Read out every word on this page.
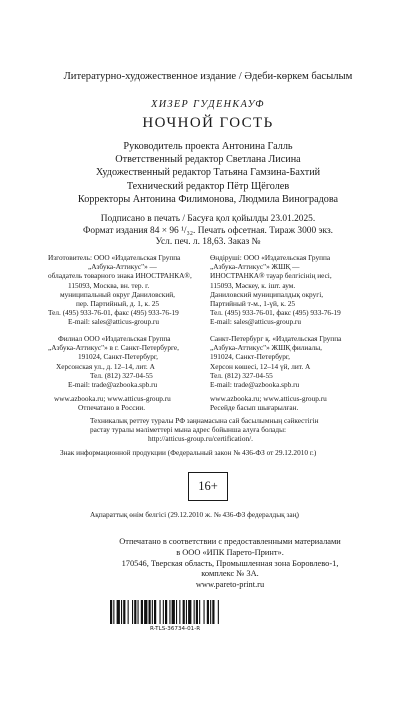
Литературно-художественное издание / Әдеби-көркем басылым
ХИЗЕР ГУДЕНКАУФ
НОЧНОЙ ГОСТЬ
Руководитель проекта Антонина Галль
Ответственный редактор Светлана Лисина
Художественный редактор Татьяна Гамзина-Бахтий
Технический редактор Пётр Щёголев
Корректоры Антонина Филимонова, Людмила Виноградова
Подписано в печать / Басуға қол қойылды 23.01.2025.
Формат издания 84 × 96 ¹/₃₂. Печать офсетная. Тираж 3000 экз.
Усл. печ. л. 18,63. Заказ №
Изготовитель: ООО «Издательская Группа
„Азбука-Аттикус"» —
обладатель товарного знака ИНОСТРАНКА®,
115093, Москва, вн. тер. г.
муниципальный округ Даниловский,
пер. Партийный, д. 1, к. 25
Тел. (495) 933-76-01, факс (495) 933-76-19
E-mail: sales@atticus-group.ru
Өндіруші: ООО «Издательская Группа
„Азбука-Аттикус"» ЖШҚ —
ИНОСТРАНКА® тауар белгісінің иесі,
115093, Мәскеу, к. ішт. аум.
Даниловский муниципалдық округі,
Партийный т-м., 1-үй, к. 25
Тел. (495) 933-76-01, факс (495) 933-76-19
E-mail: sales@atticus-group.ru
Филиал ООО «Издательская Группа
„Азбука-Аттикус"» в г. Санкт-Петербурге,
191024, Санкт-Петербург,
Херсонская ул., д. 12–14, лит. А
Тел. (812) 327-04-55
E-mail: trade@azbooka.spb.ru
Санкт-Петербург қ. «Издательская Группа
„Азбука-Аттикус"» ЖШҚ филиалы,
191024, Санкт-Петербург,
Херсон көшесі, 12–14 үй, лит. А
Тел. (812) 327-04-55
E-mail: trade@azbooka.spb.ru
www.azbooka.ru; www.atticus-group.ru
Отпечатано в России.
www.azbooka.ru; www.atticus-group.ru
Ресейде басып шығарылған.
Техникалық реттеу туралы РФ заңнамасына сай басылымның сәйкестігін
растау туралы мәліметтері мына адрес бойынша алуға болады:
http://atticus-group.ru/certification/.
Знак информационной продукции (Федеральный закон № 436-ФЗ от 29.12.2010 г.)
16+
Ақпараттық өнім белгісі (29.12.2010 ж. № 436-ФЗ федералдық заң)
Отпечатано в соответствии с предоставленными материалами
в ООО «ИПК Парето-Принт».
170546, Тверская область, Промышленная зона Боровлево-1,
комплекс № 3А.
www.pareto-print.ru
R-TLS-36734-01-R
